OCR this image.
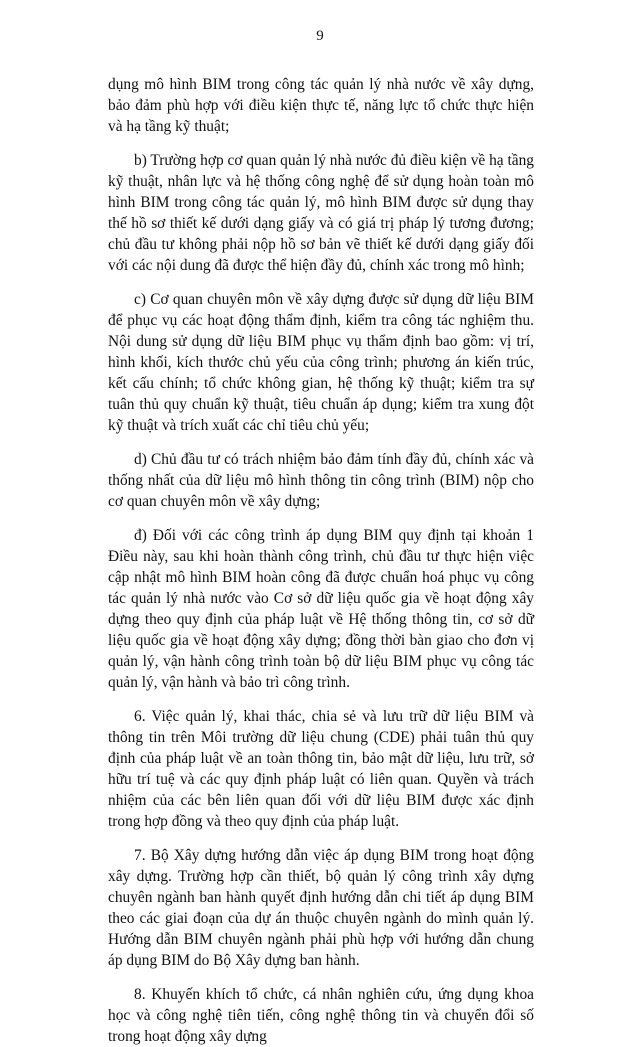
9

dụng mô hình BIM trong công tác quản lý nhà nước về xây dựng, bảo đảm phù hợp với điều kiện thực tế, năng lực tổ chức thực hiện và hạ tầng kỹ thuật;

b) Trường hợp cơ quan quản lý nhà nước đủ điều kiện về hạ tầng kỹ thuật, nhân lực và hệ thống công nghệ để sử dụng hoàn toàn mô hình BIM trong công tác quản lý, mô hình BIM được sử dụng thay thế hồ sơ thiết kế dưới dạng giấy và có giá trị pháp lý tương đương; chủ đầu tư không phải nộp hồ sơ bản vẽ thiết kế dưới dạng giấy đối với các nội dung đã được thể hiện đầy đủ, chính xác trong mô hình;

c) Cơ quan chuyên môn về xây dựng được sử dụng dữ liệu BIM để phục vụ các hoạt động thẩm định, kiểm tra công tác nghiệm thu. Nội dung sử dụng dữ liệu BIM phục vụ thẩm định bao gồm: vị trí, hình khối, kích thước chủ yếu của công trình; phương án kiến trúc, kết cấu chính; tổ chức không gian, hệ thống kỹ thuật; kiểm tra sự tuân thủ quy chuẩn kỹ thuật, tiêu chuẩn áp dụng; kiểm tra xung đột kỹ thuật và trích xuất các chỉ tiêu chủ yếu;

d) Chủ đầu tư có trách nhiệm bảo đảm tính đầy đủ, chính xác và thống nhất của dữ liệu mô hình thông tin công trình (BIM) nộp cho cơ quan chuyên môn về xây dựng;

đ) Đối với các công trình áp dụng BIM quy định tại khoản 1 Điều này, sau khi hoàn thành công trình, chủ đầu tư thực hiện việc cập nhật mô hình BIM hoàn công đã được chuẩn hoá phục vụ công tác quản lý nhà nước vào Cơ sở dữ liệu quốc gia về hoạt động xây dựng theo quy định của pháp luật về Hệ thống thông tin, cơ sở dữ liệu quốc gia về hoạt động xây dựng; đồng thời bàn giao cho đơn vị quản lý, vận hành công trình toàn bộ dữ liệu BIM phục vụ công tác quản lý, vận hành và bảo trì công trình.

6. Việc quản lý, khai thác, chia sẻ và lưu trữ dữ liệu BIM và thông tin trên Môi trường dữ liệu chung (CDE) phải tuân thủ quy định của pháp luật về an toàn thông tin, bảo mật dữ liệu, lưu trữ, sở hữu trí tuệ và các quy định pháp luật có liên quan. Quyền và trách nhiệm của các bên liên quan đối với dữ liệu BIM được xác định trong hợp đồng và theo quy định của pháp luật.

7. Bộ Xây dựng hướng dẫn việc áp dụng BIM trong hoạt động xây dựng. Trường hợp cần thiết, bộ quản lý công trình xây dựng chuyên ngành ban hành quyết định hướng dẫn chi tiết áp dụng BIM theo các giai đoạn của dự án thuộc chuyên ngành do mình quản lý. Hướng dẫn BIM chuyên ngành phải phù hợp với hướng dẫn chung áp dụng BIM do Bộ Xây dựng ban hành.

8. Khuyến khích tổ chức, cá nhân nghiên cứu, ứng dụng khoa học và công nghệ tiên tiến, công nghệ thông tin và chuyển đổi số trong hoạt động xây dựng
